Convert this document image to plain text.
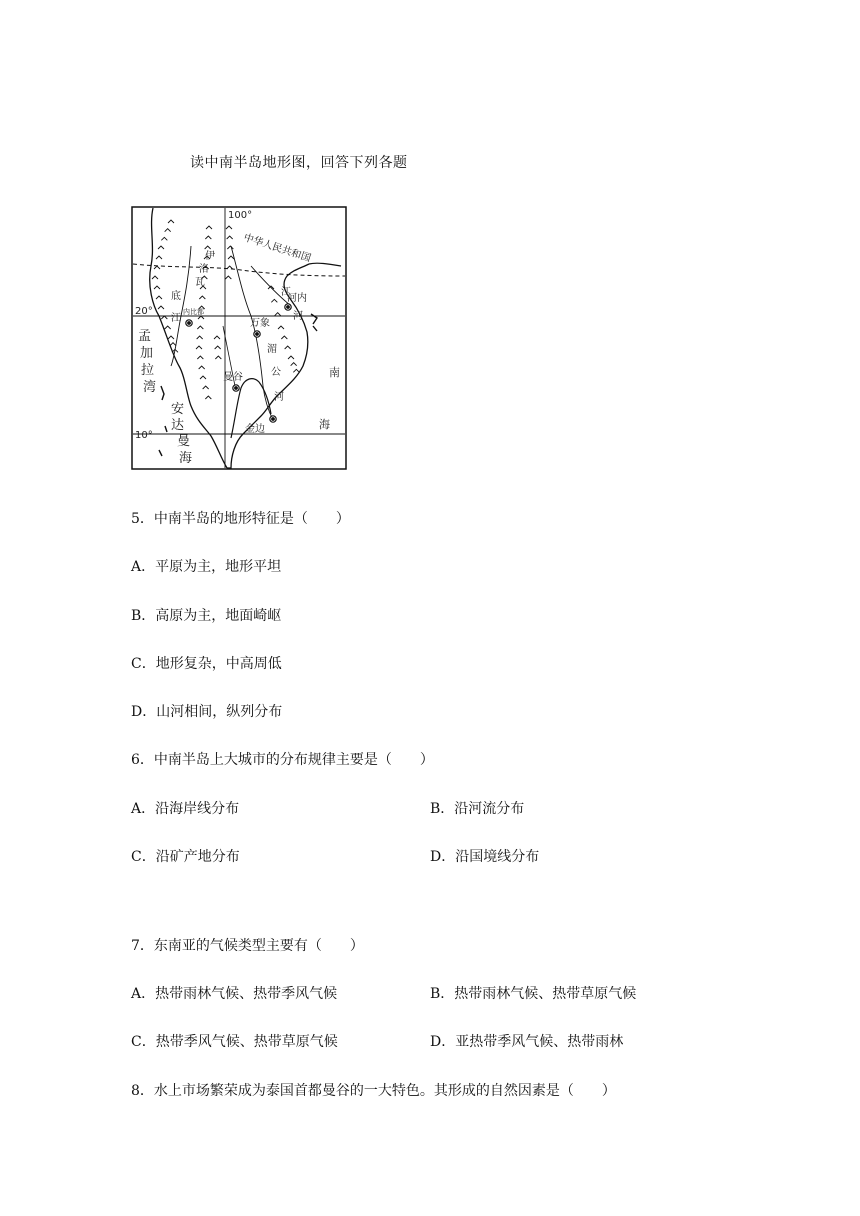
读中南半岛地形图，回答下列各题
100°
20°
10°
中华人民共和国
伊
洛
瓦
底
江
江
河内
河
内比都
万象
湄
公
河
曼谷
金边
孟
加
拉
湾
安
达
曼
海
南
海
5．中南半岛的地形特征是（　　）
A．平原为主，地形平坦
B．高原为主，地面崎岖
C．地形复杂，中高周低
D．山河相间，纵列分布
6．中南半岛上大城市的分布规律主要是（　　）
A．沿海岸线分布	B．沿河流分布
C．沿矿产地分布	D．沿国境线分布
7．东南亚的气候类型主要有（　　）
A．热带雨林气候、热带季风气候	B．热带雨林气候、热带草原气候
C．热带季风气候、热带草原气候	D．亚热带季风气候、热带雨林
8．水上市场繁荣成为泰国首都曼谷的一大特色。其形成的自然因素是（　　）
